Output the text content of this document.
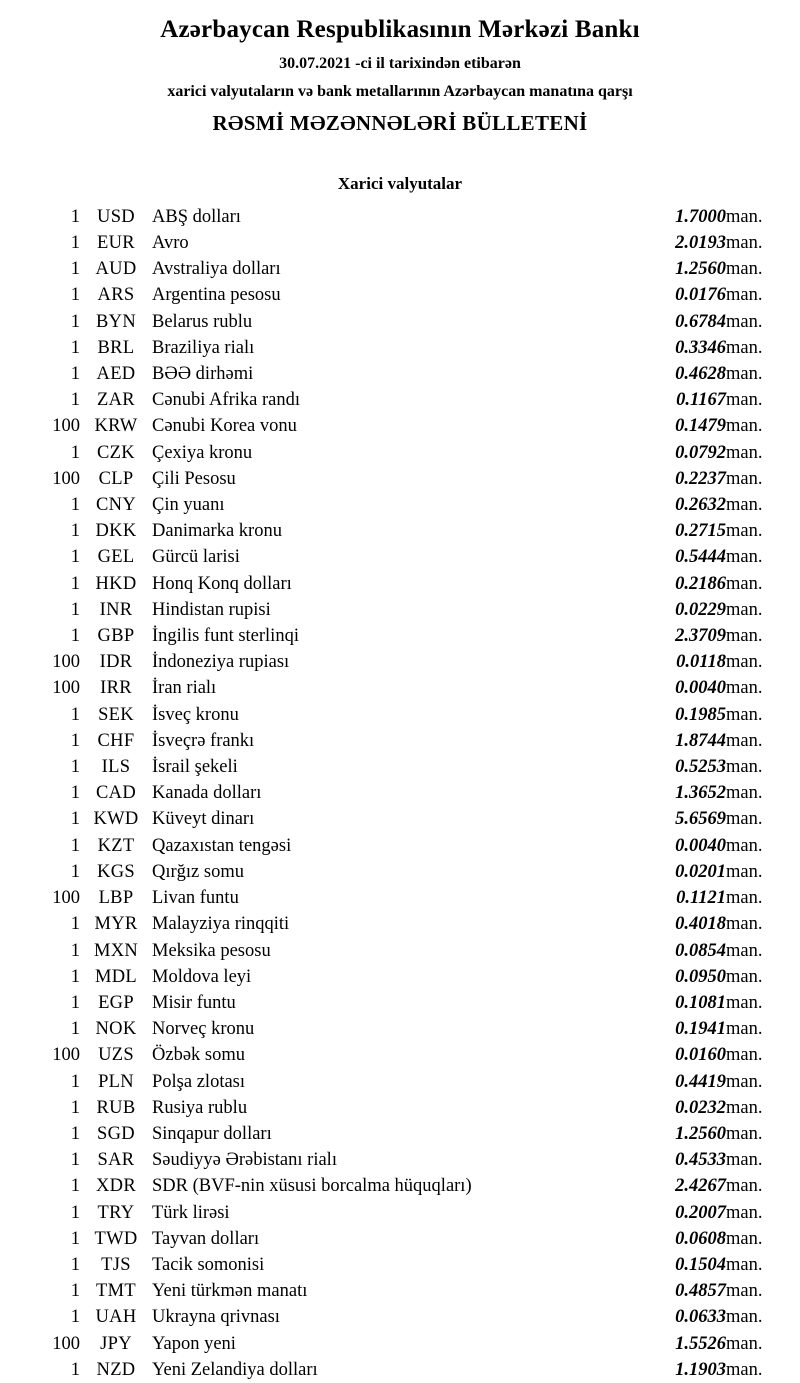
Azərbaycan Respublikasının Mərkəzi Bankı
30.07.2021 -ci il tarixindən etibarən
xarici valyutaların və bank metallarının Azərbaycan manatına qarşı
RƏSMİ MƏZƏNNƏLƏRİ BÜLLETENİ
Xarici valyutalar
1	USD	ABŞ dolları	1.7000	man.
1	EUR	Avro	2.0193	man.
1	AUD	Avstraliya dolları	1.2560	man.
1	ARS	Argentina pesosu	0.0176	man.
1	BYN	Belarus rublu	0.6784	man.
1	BRL	Braziliya rialı	0.3346	man.
1	AED	BƏƏ dirhəmi	0.4628	man.
1	ZAR	Cənubi Afrika randı	0.1167	man.
100	KRW	Cənubi Korea vonu	0.1479	man.
1	CZK	Çexiya kronu	0.0792	man.
100	CLP	Çili Pesosu	0.2237	man.
1	CNY	Çin yuanı	0.2632	man.
1	DKK	Danimarka kronu	0.2715	man.
1	GEL	Gürcü larisi	0.5444	man.
1	HKD	Honq Konq dolları	0.2186	man.
1	INR	Hindistan rupisi	0.0229	man.
1	GBP	İngilis funt sterlinqi	2.3709	man.
100	IDR	İndoneziya rupiası	0.0118	man.
100	IRR	İran rialı	0.0040	man.
1	SEK	İsveç kronu	0.1985	man.
1	CHF	İsveçrə frankı	1.8744	man.
1	ILS	İsrail şekeli	0.5253	man.
1	CAD	Kanada dolları	1.3652	man.
1	KWD	Küveyt dinarı	5.6569	man.
1	KZT	Qazaxıstan tengəsi	0.0040	man.
1	KGS	Qırğız somu	0.0201	man.
100	LBP	Livan funtu	0.1121	man.
1	MYR	Malayziya rinqqiti	0.4018	man.
1	MXN	Meksika pesosu	0.0854	man.
1	MDL	Moldova leyi	0.0950	man.
1	EGP	Misir funtu	0.1081	man.
1	NOK	Norveç kronu	0.1941	man.
100	UZS	Özbək somu	0.0160	man.
1	PLN	Polşa zlotası	0.4419	man.
1	RUB	Rusiya rublu	0.0232	man.
1	SGD	Sinqapur dolları	1.2560	man.
1	SAR	Səudiyyə Ərəbistanı rialı	0.4533	man.
1	XDR	SDR (BVF-nin xüsusi borcalma hüquqları)	2.4267	man.
1	TRY	Türk lirəsi	0.2007	man.
1	TWD	Tayvan dolları	0.0608	man.
1	TJS	Tacik somonisi	0.1504	man.
1	TMT	Yeni türkmən manatı	0.4857	man.
1	UAH	Ukrayna qrivnası	0.0633	man.
100	JPY	Yapon yeni	1.5526	man.
1	NZD	Yeni Zelandiya dolları	1.1903	man.
